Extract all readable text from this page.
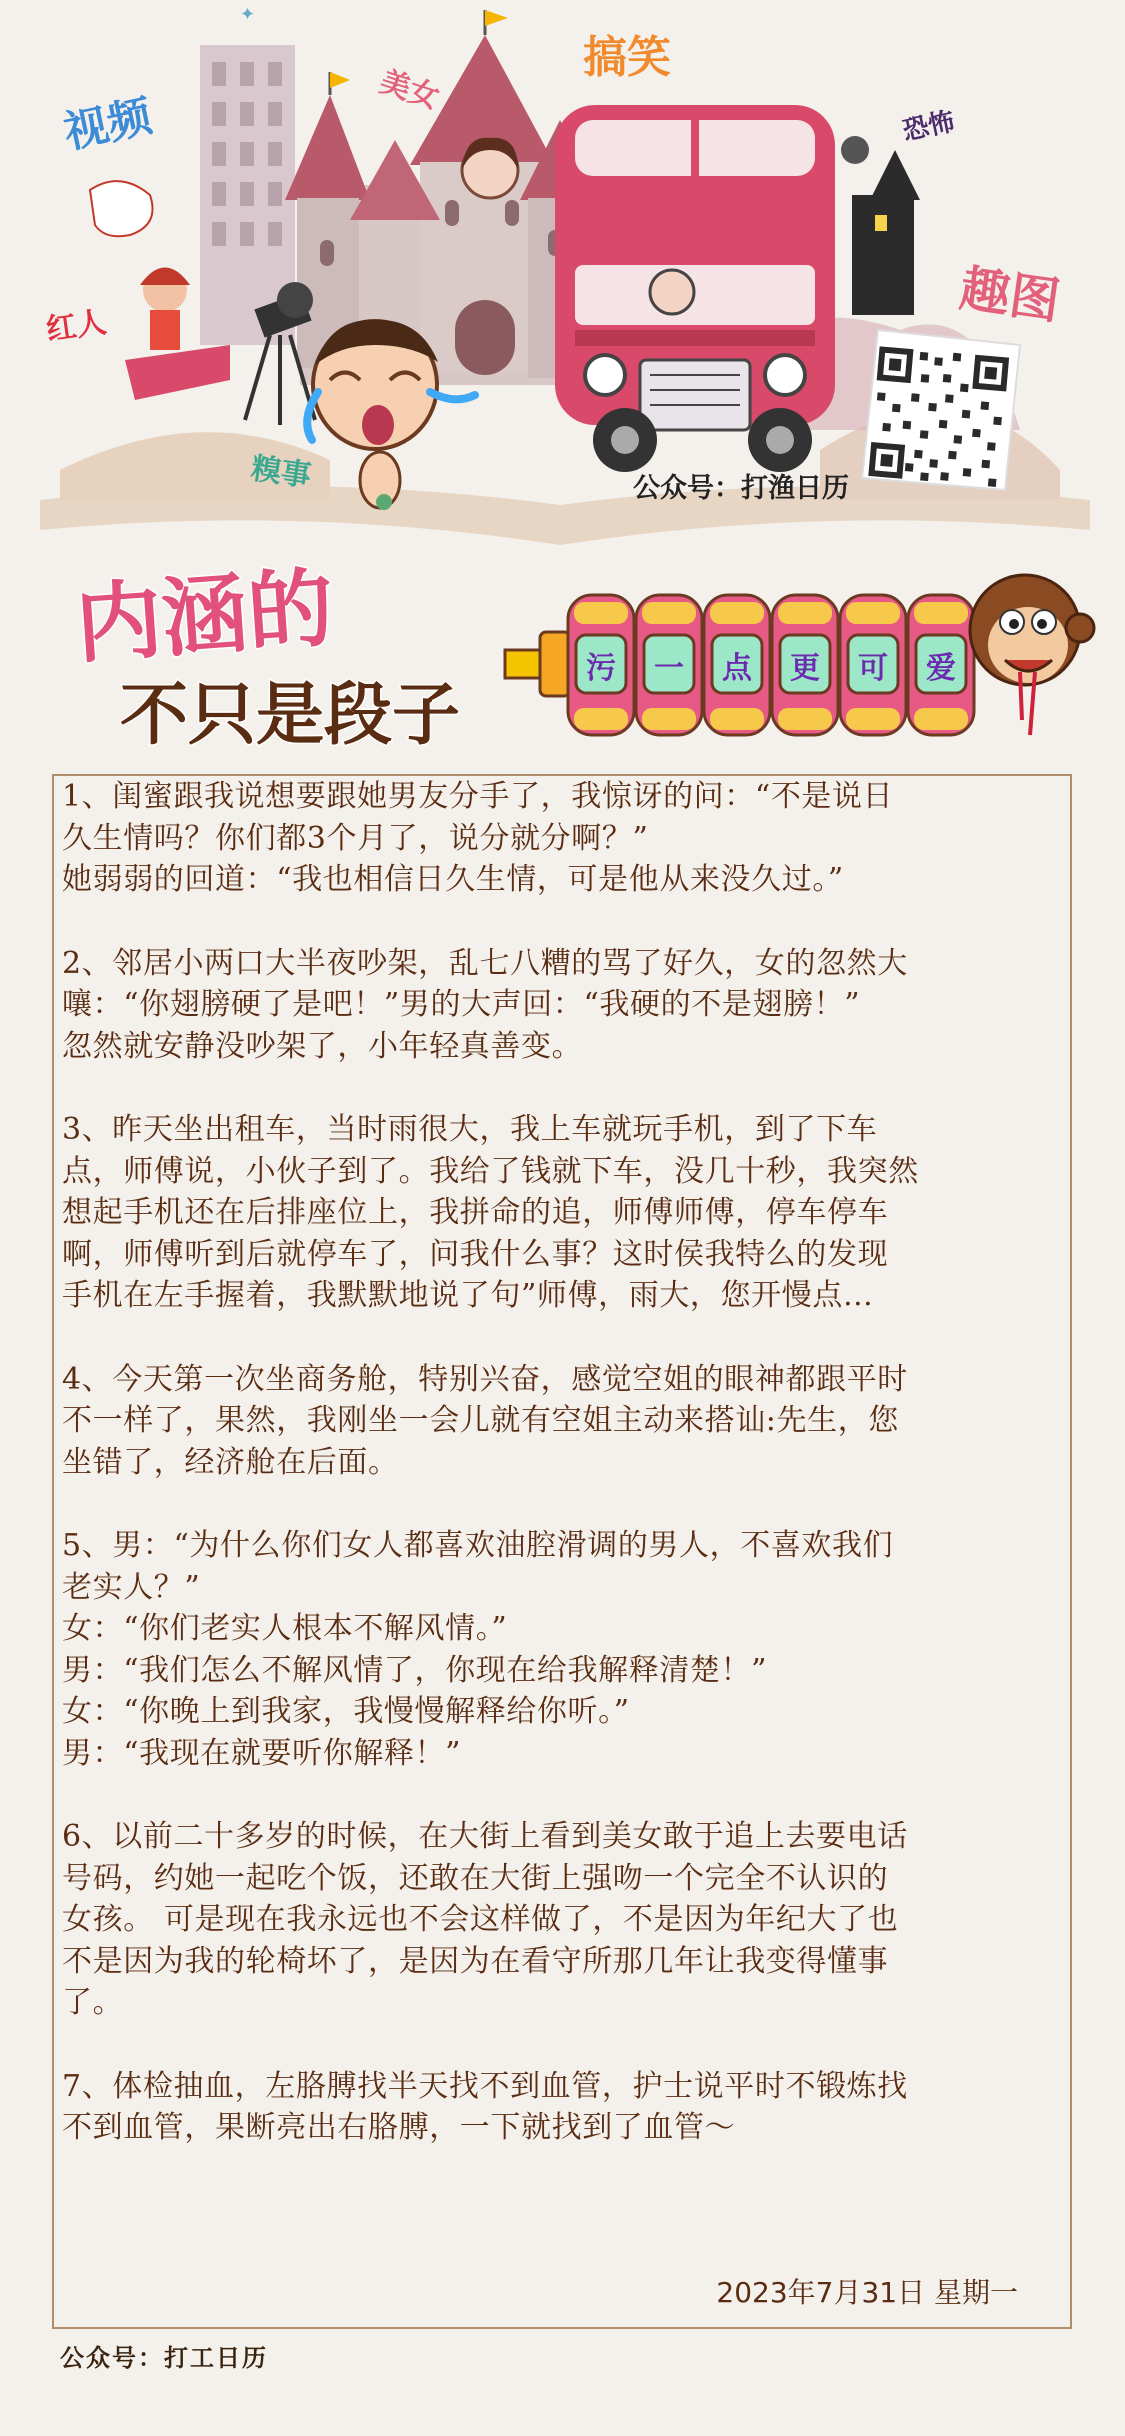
✦
视频
美女
搞笑
恐怖
红人	趣图
糗事	公众号：打渔日历
内涵的
不只是段子
污 一 点 更 可 爱
1、闺蜜跟我说想要跟她男友分手了，我惊讶的问：“不是说日
久生情吗？你们都3个月了，说分就分啊？”
她弱弱的回道：“我也相信日久生情，可是他从来没久过。”
2、邻居小两口大半夜吵架，乱七八糟的骂了好久，女的忽然大
嚷：“你翅膀硬了是吧！”男的大声回：“我硬的不是翅膀！”
忽然就安静没吵架了，小年轻真善变。
3、昨天坐出租车，当时雨很大，我上车就玩手机，到了下车
点，师傅说，小伙子到了。我给了钱就下车，没几十秒，我突然
想起手机还在后排座位上，我拼命的追，师傅师傅，停车停车
啊，师傅听到后就停车了，问我什么事？这时侯我特么的发现
手机在左手握着，我默默地说了句”师傅，雨大，您开慢点…
4、今天第一次坐商务舱，特别兴奋，感觉空姐的眼神都跟平时
不一样了，果然，我刚坐一会儿就有空姐主动来搭讪:先生，您
坐错了，经济舱在后面。
5、男：“为什么你们女人都喜欢油腔滑调的男人，不喜欢我们
老实人？”
女：“你们老实人根本不解风情。”
男：“我们怎么不解风情了，你现在给我解释清楚！”
女：“你晚上到我家，我慢慢解释给你听。”
男：“我现在就要听你解释！”
6、以前二十多岁的时候，在大街上看到美女敢于追上去要电话
号码，约她一起吃个饭，还敢在大街上强吻一个完全不认识的
女孩。 可是现在我永远也不会这样做了，不是因为年纪大了也
不是因为我的轮椅坏了，是因为在看守所那几年让我变得懂事
了。
7、体检抽血，左胳膊找半天找不到血管，护士说平时不锻炼找
不到血管，果断亮出右胳膊，一下就找到了血管～
2023年7月31日 星期一
公众号：打工日历
